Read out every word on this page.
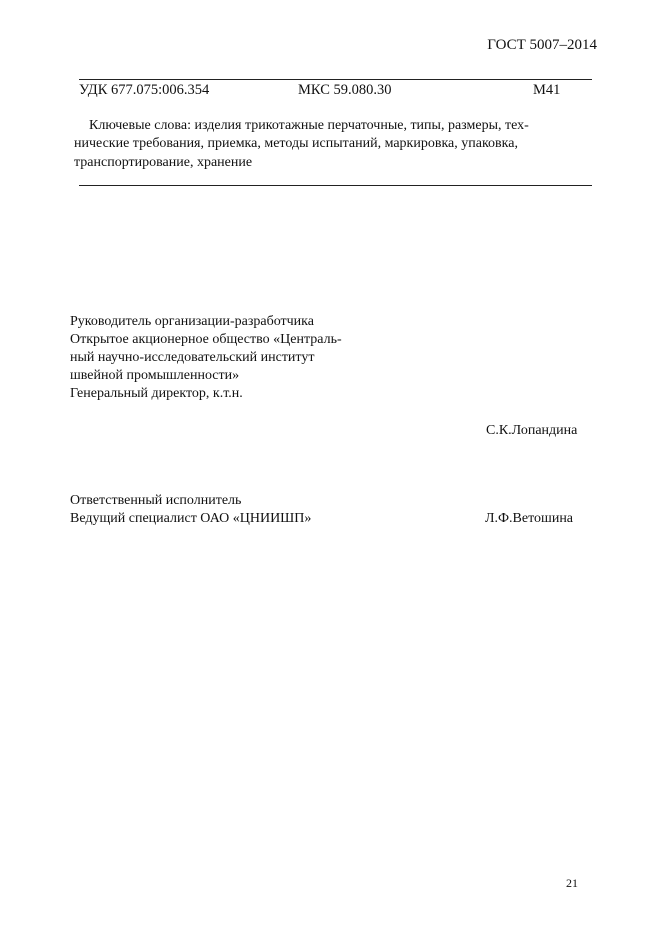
ГОСТ 5007–2014
УДК 677.075:006.354	МКС 59.080.30	М41
Ключевые слова: изделия трикотажные перчаточные, типы, размеры, тех-
нические требования, приемка, методы испытаний, маркировка, упаковка,
транспортирование, хранение
Руководитель организации-разработчика
Открытое акционерное общество «Централь-
ный научно-исследовательский институт
швейной промышленности»
Генеральный директор, к.т.н.
С.К.Лопандина
Ответственный исполнитель
Ведущий специалист ОАО «ЦНИИШП»	Л.Ф.Ветошина
21
